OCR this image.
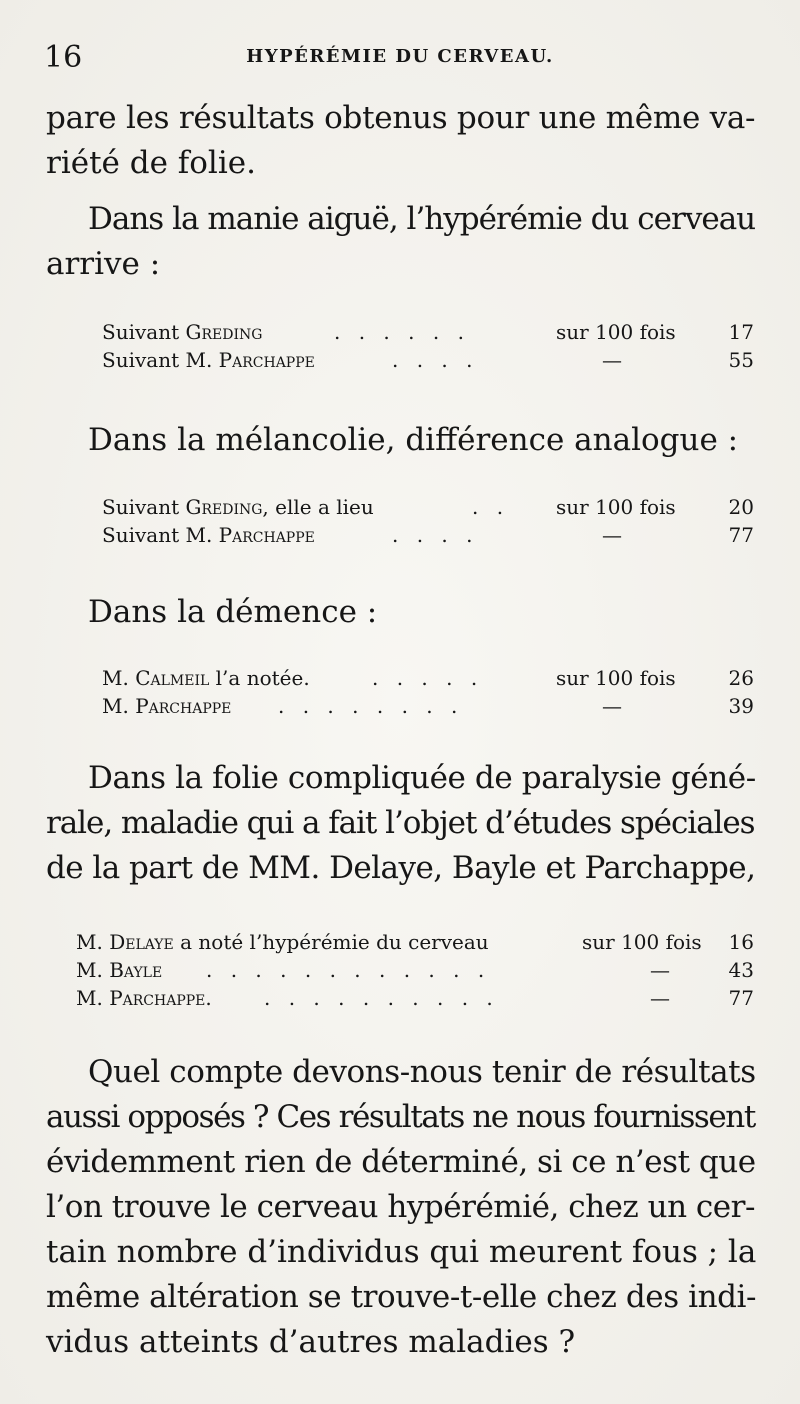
16	HYPÉRÉMIE DU CERVEAU.
pare les résultats obtenus pour une même va-
riété de folie.
Dans la manie aiguë, l’hypérémie du cerveau
arrive :
Suivant Greding	. . . . . .	sur 100 fois	17
Suivant M. Parchappe	. . . .	—	55
Dans la mélancolie, différence analogue :
Suivant Greding, elle a lieu	. . sur 100 fois	20
Suivant M. Parchappe	. . . .	—	77
Dans la démence :
M. Calmeil l’a notée.	. . . . .	sur 100 fois	26
M. Parchappe . . . . . . . .	—	39
Dans la folie compliquée de paralysie géné-
rale, maladie qui a fait l’objet d’études spéciales
de la part de MM. Delaye, Bayle et Parchappe,
M. Delaye a noté l’hypérémie du cerveau	sur 100 fois 16
M. Bayle . . . . . . . . . . . .	—	43
M. Parchappe.	. . . . . . . . . .	—	77
Quel compte devons-nous tenir de résultats
aussi opposés ? Ces résultats ne nous fournissent
évidemment rien de déterminé, si ce n’est que
l’on trouve le cerveau hypérémié, chez un cer-
tain nombre d’individus qui meurent fous ; la
même altération se trouve-t-elle chez des indi-
vidus atteints d’autres maladies ?
